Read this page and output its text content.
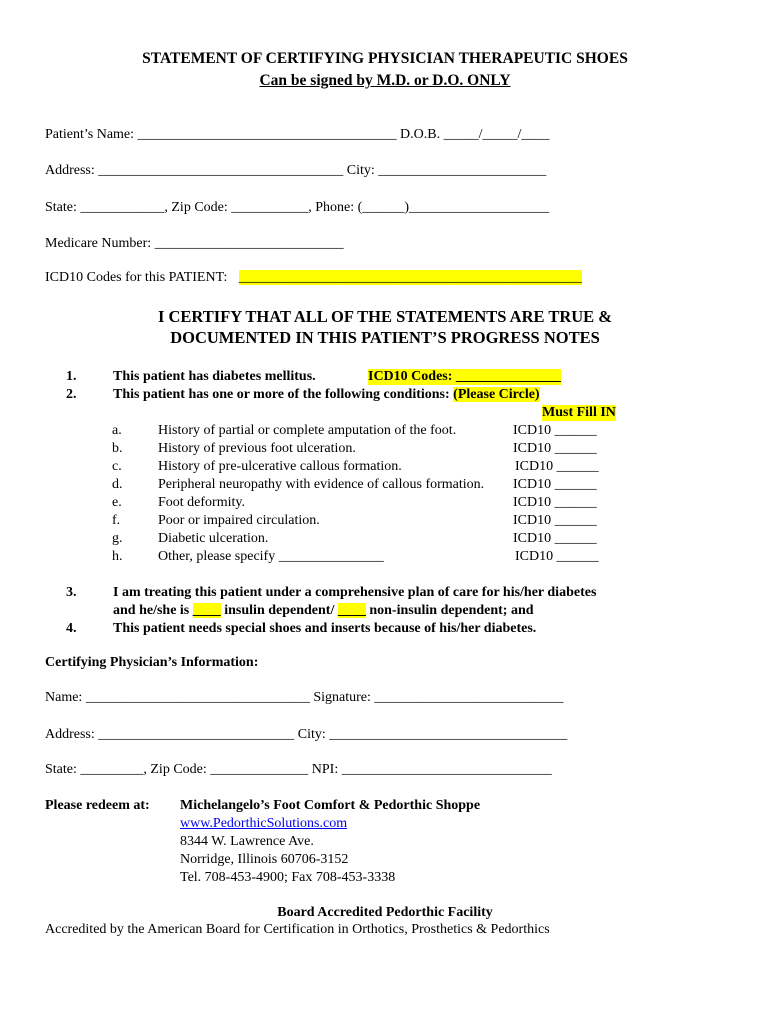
STATEMENT OF CERTIFYING PHYSICIAN THERAPEUTIC SHOES
Can be signed by M.D. or D.O. ONLY
Patient’s Name: _____________________________________ D.O.B. _____/_____/____
Address: ___________________________________ City: ________________________
State: ____________, Zip Code: ___________, Phone: (______)____________________
Medicare Number: ___________________________
ICD10 Codes for this PATIENT: _________________________________________________
I CERTIFY THAT ALL OF THE STATEMENTS ARE TRUE &
DOCUMENTED IN THIS PATIENT’S PROGRESS NOTES
1.	This patient has diabetes mellitus.	ICD10 Codes: _______________
2.	This patient has one or more of the following conditions: (Please Circle)
Must Fill IN
a.	History of partial or complete amputation of the foot.	ICD10 ______
b.	History of previous foot ulceration.	ICD10 ______
c.	History of pre-ulcerative callous formation.	ICD10 ______
d.	Peripheral neuropathy with evidence of callous formation. ICD10 ______
e.	Foot deformity.	ICD10 ______
f.	Poor or impaired circulation.	ICD10 ______
g.	Diabetic ulceration.	ICD10 ______
h.	Other, please specify _______________	ICD10 ______
3.	I am treating this patient under a comprehensive plan of care for his/her diabetes
and he/she is ____ insulin dependent/ ____ non-insulin dependent; and
4.	This patient needs special shoes and inserts because of his/her diabetes.
Certifying Physician’s Information:
Name: ________________________________ Signature: ___________________________
Address: ____________________________ City: __________________________________
State: _________, Zip Code: ______________ NPI: ______________________________
Please redeem at: Michelangelo’s Foot Comfort & Pedorthic Shoppe
www.PedorthicSolutions.com
8344 W. Lawrence Ave.
Norridge, Illinois 60706-3152
Tel. 708-453-4900; Fax 708-453-3338
Board Accredited Pedorthic Facility
Accredited by the American Board for Certification in Orthotics, Prosthetics & Pedorthics
